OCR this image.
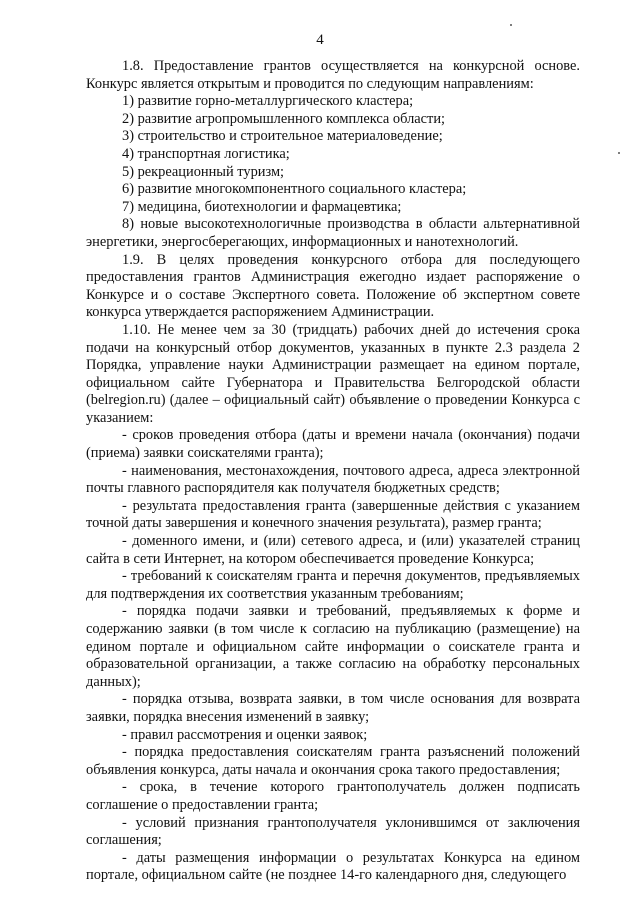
4

1.8. Предоставление грантов осуществляется на конкурсной основе. Конкурс является открытым и проводится по следующим направлениям:

1) развитие горно-металлургического кластера;

2) развитие агропромышленного комплекса области;

3) строительство и строительное материаловедение;

4) транспортная логистика;

5) рекреационный туризм;

6) развитие многокомпонентного социального кластера;

7) медицина, биотехнологии и фармацевтика;

8) новые высокотехнологичные производства в области альтернативной энергетики, энергосберегающих, информационных и нанотехнологий.

1.9. В целях проведения конкурсного отбора для последующего предоставления грантов Администрация ежегодно издает распоряжение о Конкурсе и о составе Экспертного совета. Положение об экспертном совете конкурса утверждается распоряжением Администрации.

1.10. Не менее чем за 30 (тридцать) рабочих дней до истечения срока подачи на конкурсный отбор документов, указанных в пункте 2.3 раздела 2 Порядка, управление науки Администрации размещает на едином портале, официальном сайте Губернатора и Правительства Белгородской области (belregion.ru) (далее – официальный сайт) объявление о проведении Конкурса с указанием:

- сроков проведения отбора (даты и времени начала (окончания) подачи (приема) заявки соискателями гранта);

- наименования, местонахождения, почтового адреса, адреса электронной почты главного распорядителя как получателя бюджетных средств;

- результата предоставления гранта (завершенные действия с указанием точной даты завершения и конечного значения результата), размер гранта;

- доменного имени, и (или) сетевого адреса, и (или) указателей страниц сайта в сети Интернет, на котором обеспечивается проведение Конкурса;

- требований к соискателям гранта и перечня документов, предъявляемых для подтверждения их соответствия указанным требованиям;

- порядка подачи заявки и требований, предъявляемых к форме и содержанию заявки (в том числе к согласию на публикацию (размещение) на едином портале и официальном сайте информации о соискателе гранта и образовательной организации, а также согласию на обработку персональных данных);

- порядка отзыва, возврата заявки, в том числе основания для возврата заявки, порядка внесения изменений в заявку;

- правил рассмотрения и оценки заявок;

- порядка предоставления соискателям гранта разъяснений положений объявления конкурса, даты начала и окончания срока такого предоставления;

- срока, в течение которого грантополучатель должен подписать соглашение о предоставлении гранта;

- условий признания грантополучателя уклонившимся от заключения соглашения;

- даты размещения информации о результатах Конкурса на едином портале, официальном сайте (не позднее 14-го календарного дня, следующего
